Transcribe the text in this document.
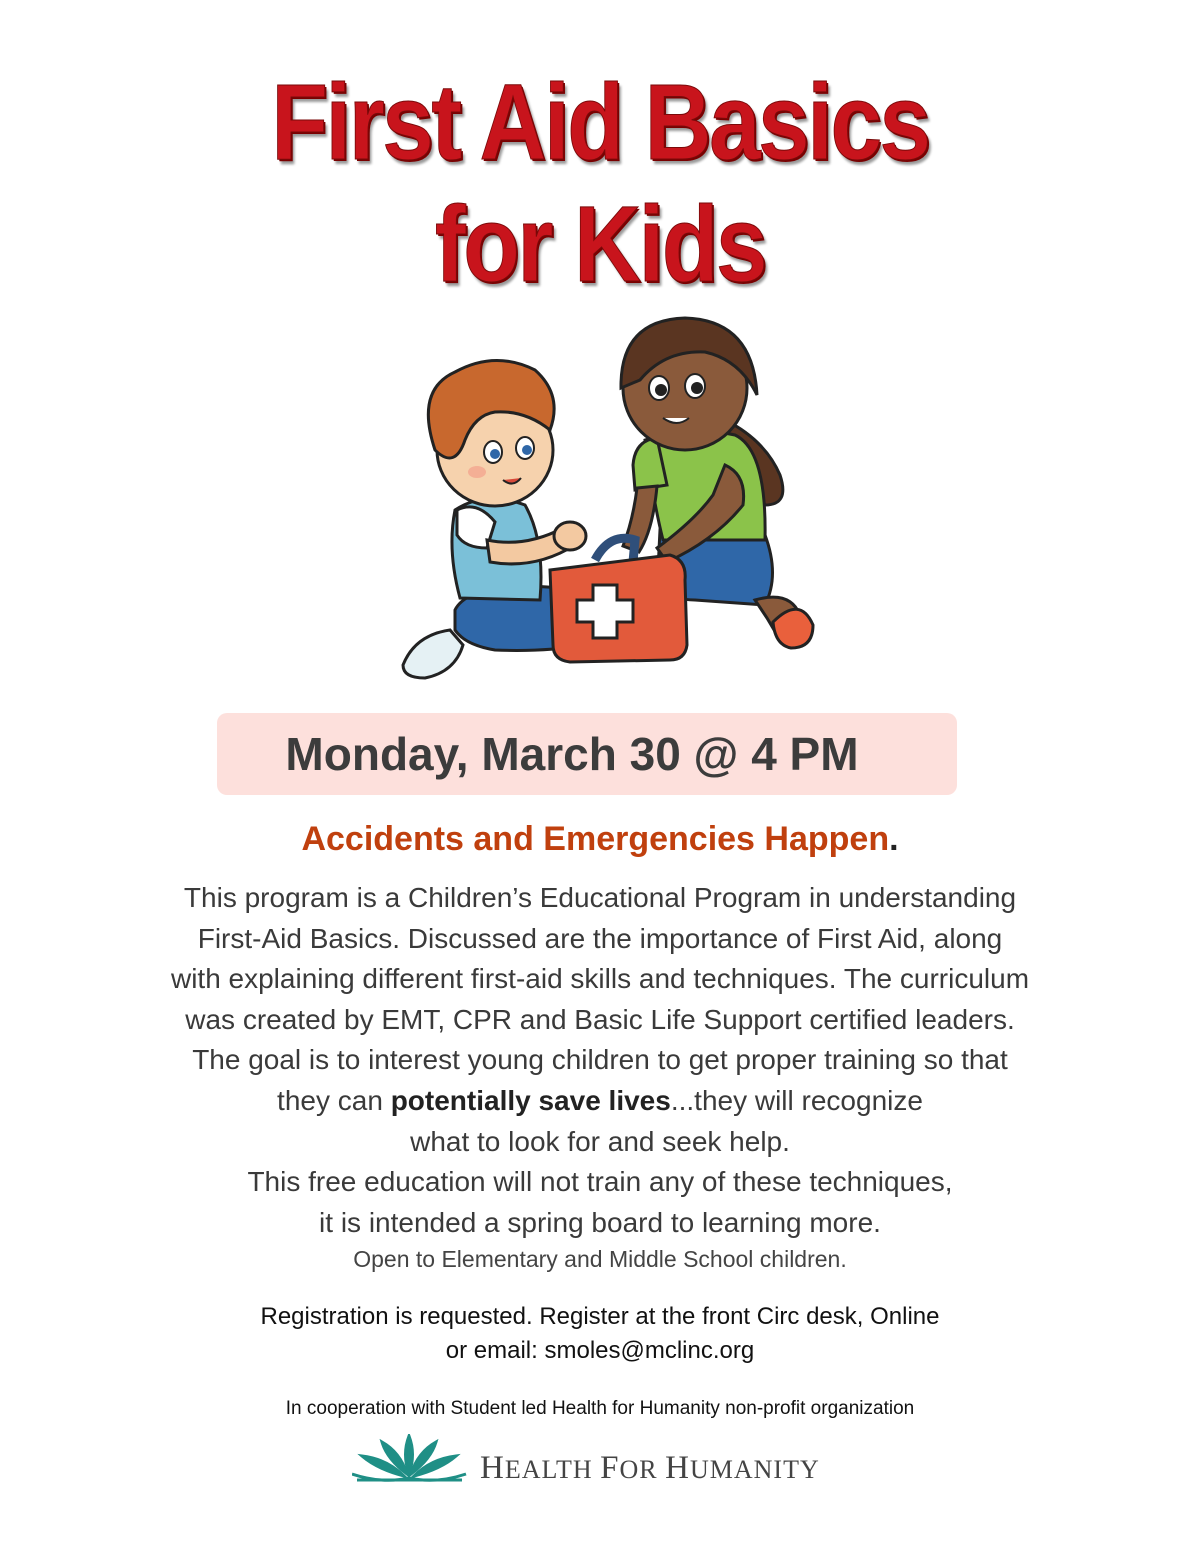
First Aid Basics
for Kids
Monday, March 30 @ 4 PM
Accidents and Emergencies Happen.
This program is a Children’s Educational Program in understanding
First-Aid Basics. Discussed are the importance of First Aid, along
with explaining different first-aid skills and techniques. The curriculum
was created by EMT, CPR and Basic Life Support certified leaders.
The goal is to interest young children to get proper training so that
they can potentially save lives...they will recognize
what to look for and seek help.
This free education will not train any of these techniques,
it is intended a spring board to learning more.
Open to Elementary and Middle School children.
Registration is requested. Register at the front Circ desk, Online
or email: smoles@mclinc.org
In cooperation with Student led Health for Humanity non-profit organization
HEALTH FOR HUMANITY
